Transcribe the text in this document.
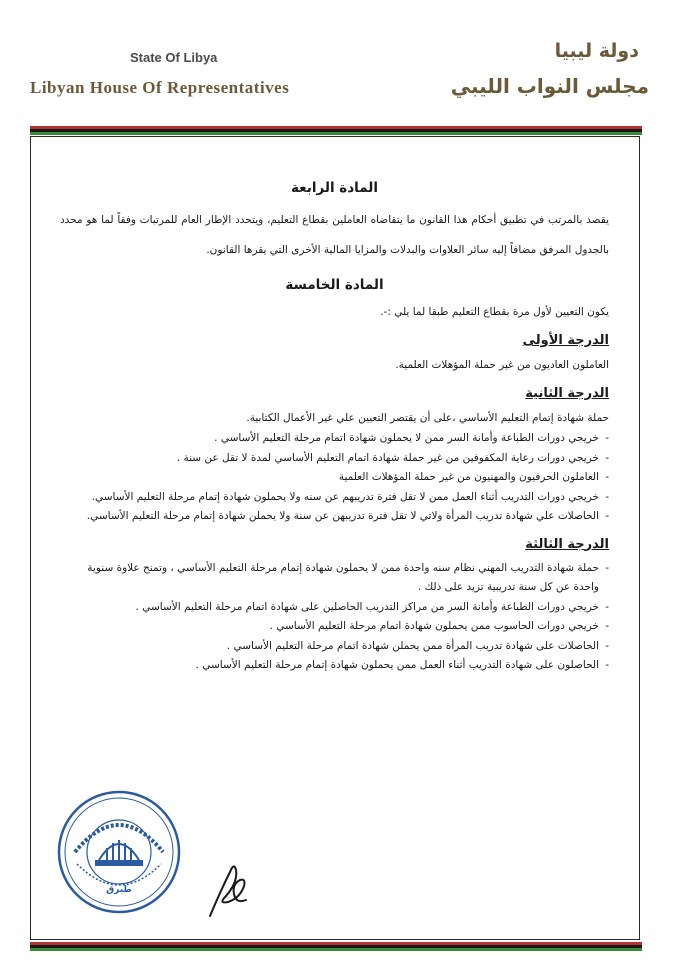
State Of Libya
Libyan House Of Representatives
دولة ليبيا
مجلس النواب الليبي
المادة الرابعة

يقصد بالمرتب في تطبيق أحكام هذا القانون ما يتقاضاه العاملين بقطاع التعليم، ويتحدد الإطار العام للمرتبات وفقاً لما هو محدد بالجدول المرفق مضافاً إليه سائر العلاوات والبدلات والمزايا المالية الأخرى التي يقرها القانون.

المادة الخامسة

يكون التعيين لأول مرة بقطاع التعليم طبقا لما يلي :-.

الدرجة الأولى

العاملون العاديون من غير حملة المؤهلات العلمية.

الدرجة الثانية

حملة شهادة إتمام التعليم الأساسي ،على أن يقتصر التعيين علي غير الأعمال الكتابية.

- خريجي دورات الطباعة وأمانة السر ممن لا يحملون شهادة اتمام مرحلة التعليم الأساسي .
- خريجي دورات رعاية المكفوفين من غير حملة شهادة اتمام التعليم الأساسي لمدة لا تقل عن سنة .
- العاملون الحرفيون والمهنيون من غير حملة المؤهلات العلمية
- خريجي دورات التدريب أثناء العمل ممن لا تقل فترة تدريبهم عن سنه ولا يحملون شهادة إتمام مرحلة التعليم الأساسي.
- الحاصلات علي شهادة تدريب المرأة ولاتي لا تقل فترة تدريبهن عن سنة ولا يحملن شهادة إتمام مرحلة التعليم الأساسي.
الدرجة الثالثة
- حملة شهادة التدريب المهني نظام سنه واحدة ممن لا يحملون شهادة إتمام مرحلة التعليم الأساسي ، وتمنح علاوة سنوية واحدة عن كل سنة تدريبية تزيد على ذلك .
- خريجي دورات الطباعة وأمانة السر من مراكز التدريب الحاصلين على شهادة اتمام مرحلة التعليم الأساسي .
- خريجي دورات الحاسوب ممن يحملون شهادة اتمام مرحلة التعليم الأساسي .
- الحاصلات على شهادة تدريب المرأة ممن يحملن شهادة اتمام مرحلة التعليم الأساسي .
- الحاصلون على شهادة التدريب أثناء العمل ممن يحملون شهادة إتمام مرحلة التعليم الأساسي .
طبرق
